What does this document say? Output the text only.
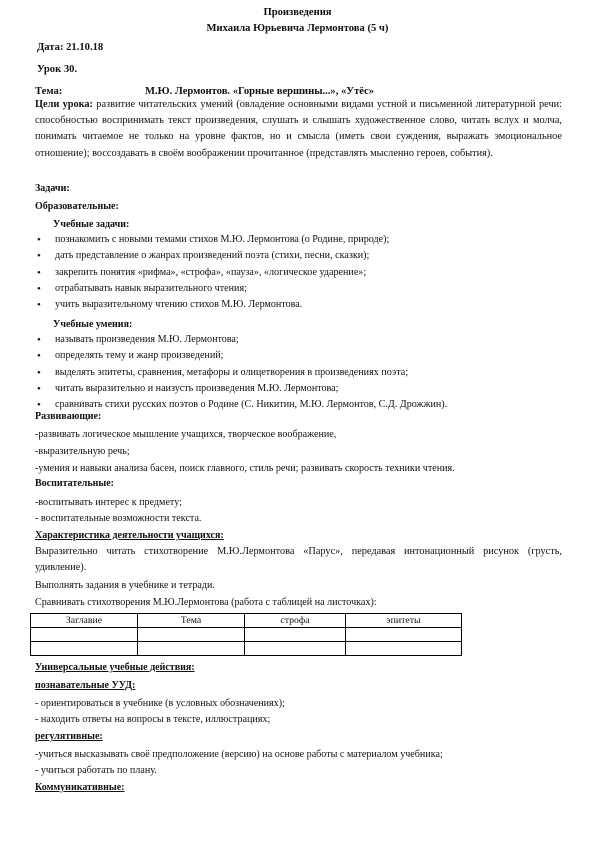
Произведения
Михаила Юрьевича Лермонтова (5 ч)
Дата: 21.10.18
Урок 30.
Тема:	М.Ю. Лермонтов. «Горные вершины...», «Утёс»
Цели урока: развитие читательских умений (овладение основными видами устной и письменной литературной речи: способностью воспринимать текст произведения, слушать и слышать художественное слово, читать вслух и молча, понимать читаемое не только на уровне фактов, но и смысла (иметь свои суждения, выражать эмоциональное отношение); воссоздавать в своём воображении прочитанное (представлять мысленно героев, события).
Задачи:
Образовательные:
Учебные задачи:
• познакомить с новыми темами стихов М.Ю. Лермонтова (о Родине, природе);
• дать представление о жанрах произведений поэта (стихи, песни, сказки);
• закрепить понятия «рифма», «строфа», «пауза», «логическое ударение»;
• отрабатывать навык выразительного чтения;
• учить выразительному чтению стихов М.Ю. Лермонтова.
Учебные умения:
• называть произведения М.Ю. Лермонтова;
• определять тему и жанр произведений;
• выделять эпитеты, сравнения, метафоры и олицетворения в произведениях поэта;
• читать выразительно и наизусть произведения М.Ю. Лермонтова;
• сравнивать стихи русских поэтов о Родине (С. Никитин, М.Ю. Лермонтов, С.Д. Дрожжин).
Развивающие:
-развивать логическое мышление учащихся, творческое воображение,
-выразительную речь;
-умения и навыки анализа басен, поиск главного, стиль речи; развивать скорость техники чтения.
Воспитательные:
-воспитывать интерес к предмету;
- воспитательные возможности текста.
Характеристика деятельности учащихся:
Выразительно читать стихотворение М.Ю.Лермонтова «Парус», передавая интонационный рисунок (грусть, удивление).
Выполнять задания в учебнике и тетради.
Сравнивать стихотворения М.Ю.Лермонтова (работа с таблицей на листочках):
Заглавие	Тема	строфа	эпитеты

Универсальные учебные действия:
познавательные УУД:
- ориентироваться в учебнике (в условных обозначениях);
- находить ответы на вопросы в тексте, иллюстрациях;
регулятивные:
-учиться высказывать своё предположение (версию) на основе работы с материалом учебника;
- учиться работать по плану.
Коммуникативные:
